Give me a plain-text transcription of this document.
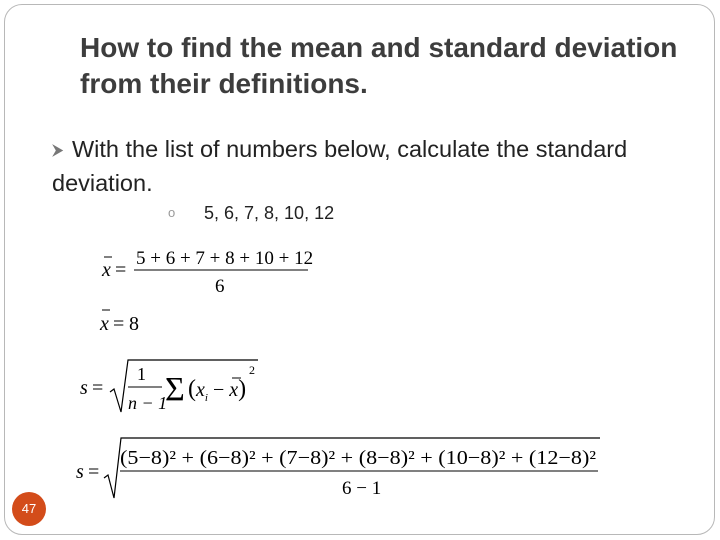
How to find the mean and standard deviation from their definitions.
⮞ With the list of numbers below, calculate the standard deviation.
o 5, 6, 7, 8, 10, 12
x =
5 + 6 + 7 + 8 + 10 + 12
6
x = 8
s =
1
n − 1
Σ ($x_i$ − x)
2
s =
(5−8)² + (6−8)² + (7−8)² + (8−8)² + (10−8)² + (12−8)²
6 − 1
47
